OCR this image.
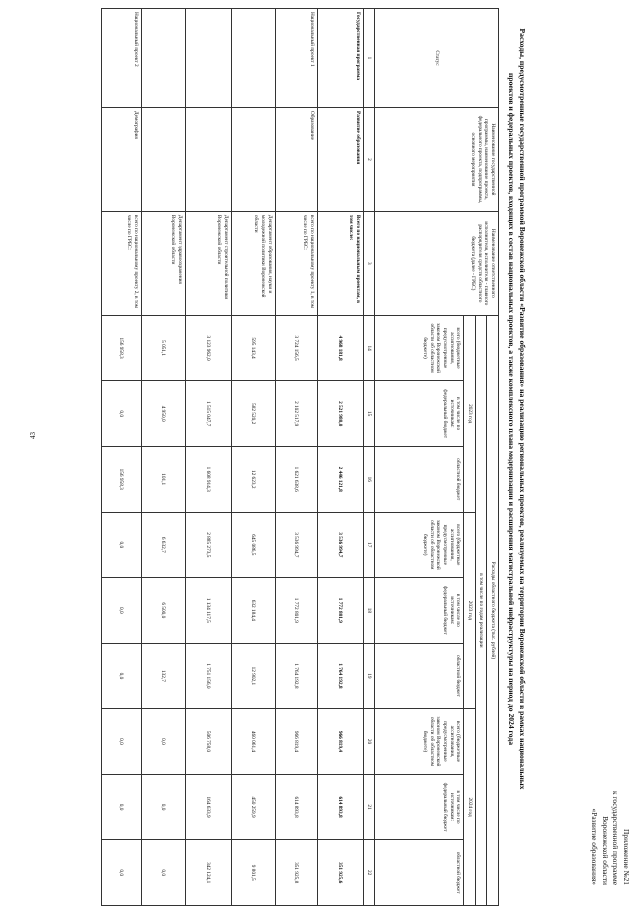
43
Приложение №21
к государственной программе
Воронежской области
«Развитие образования»
Расходы, предусмотренные государственной программой Воронежской области «Развитие образования» на реализацию региональных проектов, реализуемых на территории Воронежской области в рамках национальных
проектов и федеральных проектов, входящих в состав национальных проектов, а также комплексного плана модернизации и расширения магистральной инфраструктуры на период до 2024 года
Статус	Наименование государственной программы, наименование проекта, федерального проекта, подпрограммы, основного мероприятия	Наименование ответственного исполнителя, исполнителя - главного распорядителя средств областного бюджета (далее - ГРБС)	Расходы областного бюджета (тыс. рублей)								
			в том числе по годам реализации								
			2023 год			2023 год			2024 год		
			всего (бюджетные ассигнования, предусмотренные законом Воронежской области об областном бюджете)	в том числе по источникам: федеральный бюджет	областной бюджет	всего (бюджетные ассигнования, предусмотренные законом Воронежской области об областном бюджете)	в том числе по источникам: федеральный бюджет	областной бюджет	всего (бюджетные ассигнования, предусмотренные законом Воронежской области об областном бюджете)	в том числе по источникам: федеральный бюджет	областной бюджет
1	2	3	14	15	16	17	18	19	20	21	22
Государственная программа	Развитие образования	Всего по национальным проектам, в том числе:	4 968 181,8	2 521 980,0	2 446 121,8	3 536 994,7	1 772 801,9	1 764 192,8	966 819,4	614 893,8	351 925,6
Национальный проект 1	Образование	всего по национальному проекту 1, в том числе по ГРБС:	3 724 156,5	2 102 517,9	1 621 638,6	3 536 994,7	1 772 801,9	1 764 192,8	966 819,4	614 893,8	351 925,8
		Департамент образования, науки и молодежной политики Воронежской области	595 143,4	582 520,2	12 623,2	645 086,5	632 184,4	12 902,1	460 061,4	450 259,9	9 801,5
		Департамент строительной политики Воронежской области	3 123 962,0	1 515 047,7	1 608 914,3	2 885 273,5	1 134 117,5	1 751 156,0	506 758,0	164 633,9	342 124,1
		Департамент здравоохранения Воронежской области	5 051,1	4 950,0	101,1	6 632,7	6 500,0	132,7	0,0	0,0	0,0
Национальный проект 2	Демография	всего по национальному проекту 2, в том числе по ГРБС:	156 958,3	0,0	156 958,3	0,0	0,0	0,0	0,0	0,0	0,0
